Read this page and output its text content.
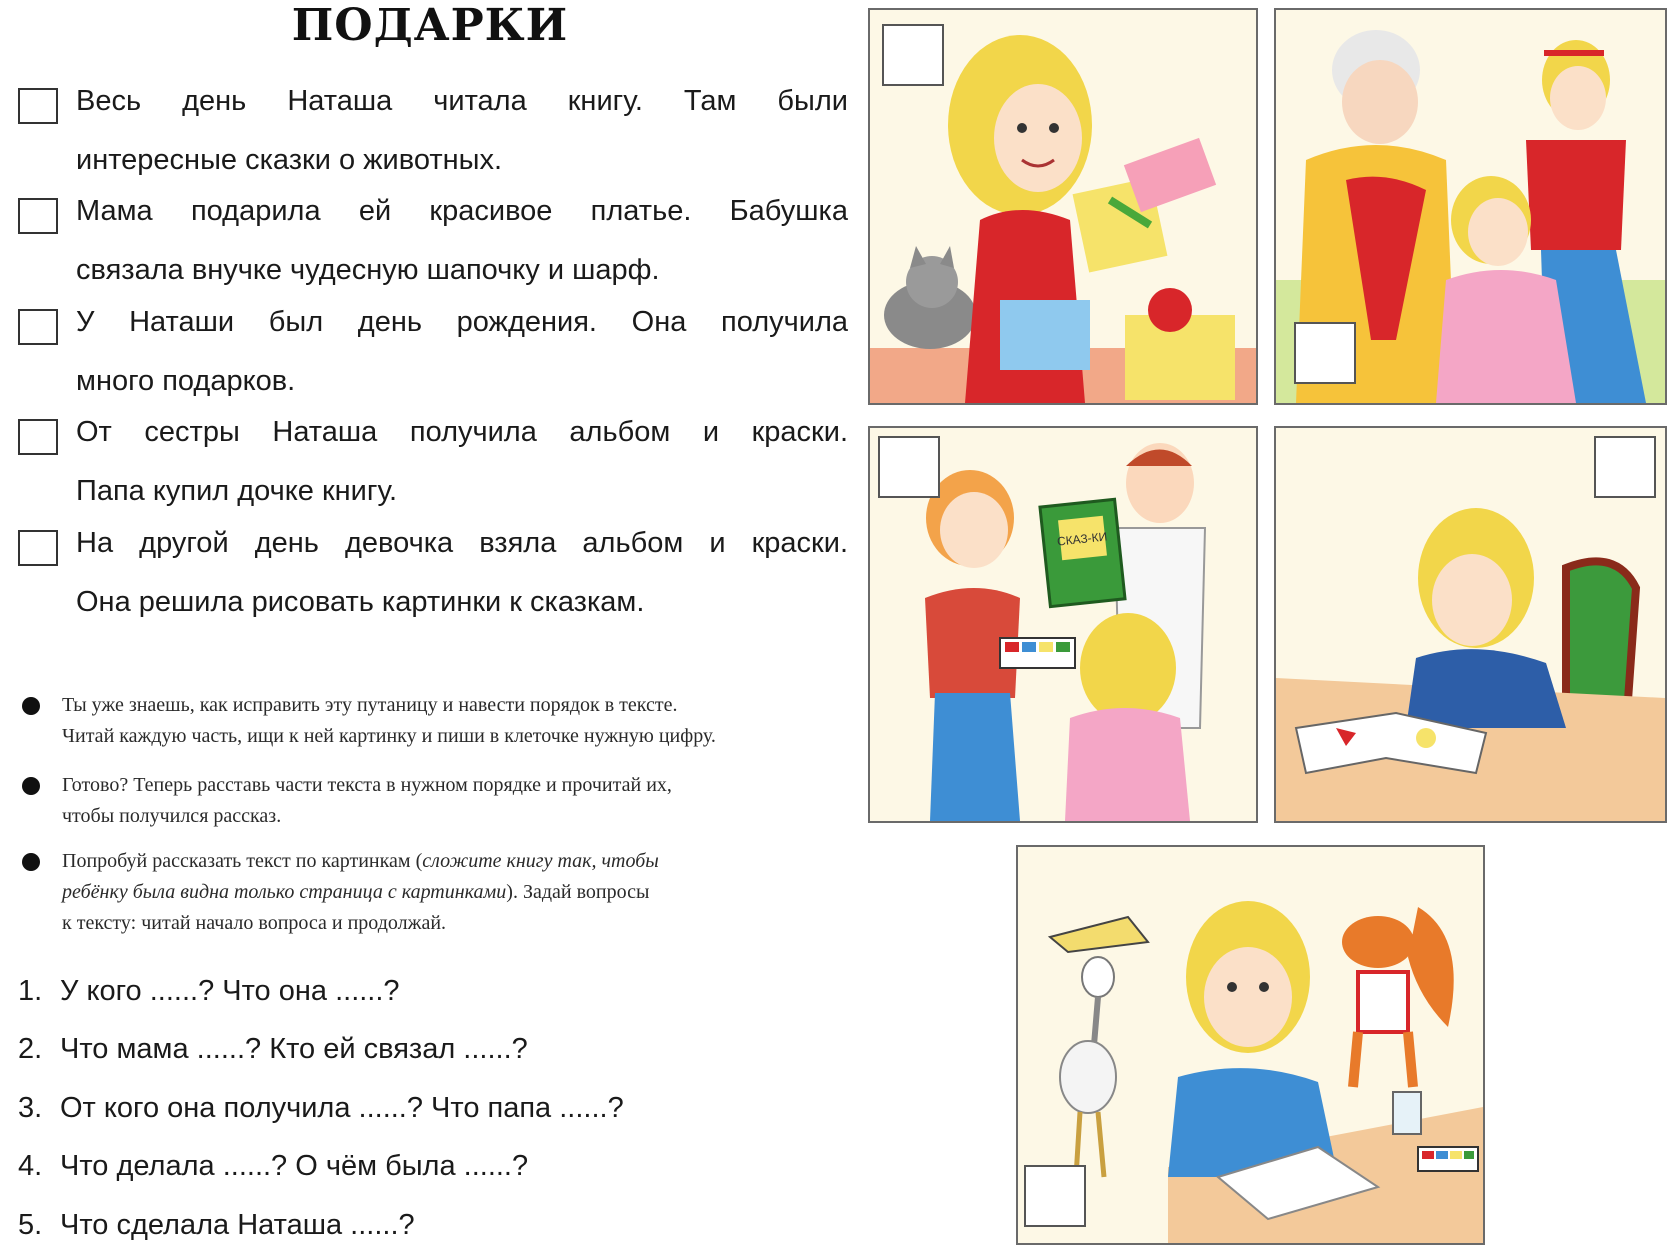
ПОДАРКИ
Весь день Наташа читала книгу. Там были
интересные сказки о животных.
Мама подарила ей красивое платье. Бабушка
связала внучке чудесную шапочку и шарф.
У Наташи был день рождения. Она получила
много подарков.
От сестры Наташа получила альбом и краски.
Папа купил дочке книгу.
На другой день девочка взяла альбом и краски.
Она решила рисовать картинки к сказкам.
Ты уже знаешь, как исправить эту путаницу и навести порядок в тексте.
Читай каждую часть, ищи к ней картинку и пиши в клеточке нужную цифру.
Готово? Теперь расставь части текста в нужном порядке и прочитай их,
чтобы получился рассказ.
Попробуй рассказать текст по картинкам (сложите книгу так, чтобы
ребёнку была видна только страница с картинками). Задай вопросы
к тексту: читай начало вопроса и продолжай.
1. У кого ......? Что она ......?
2. Что мама ......? Кто ей связал ......?
3. От кого она получила ......? Что папа ......?
4. Что делала ......? О чём была ......?
5. Что сделала Наташа ......?
СКАЗ-КИ
